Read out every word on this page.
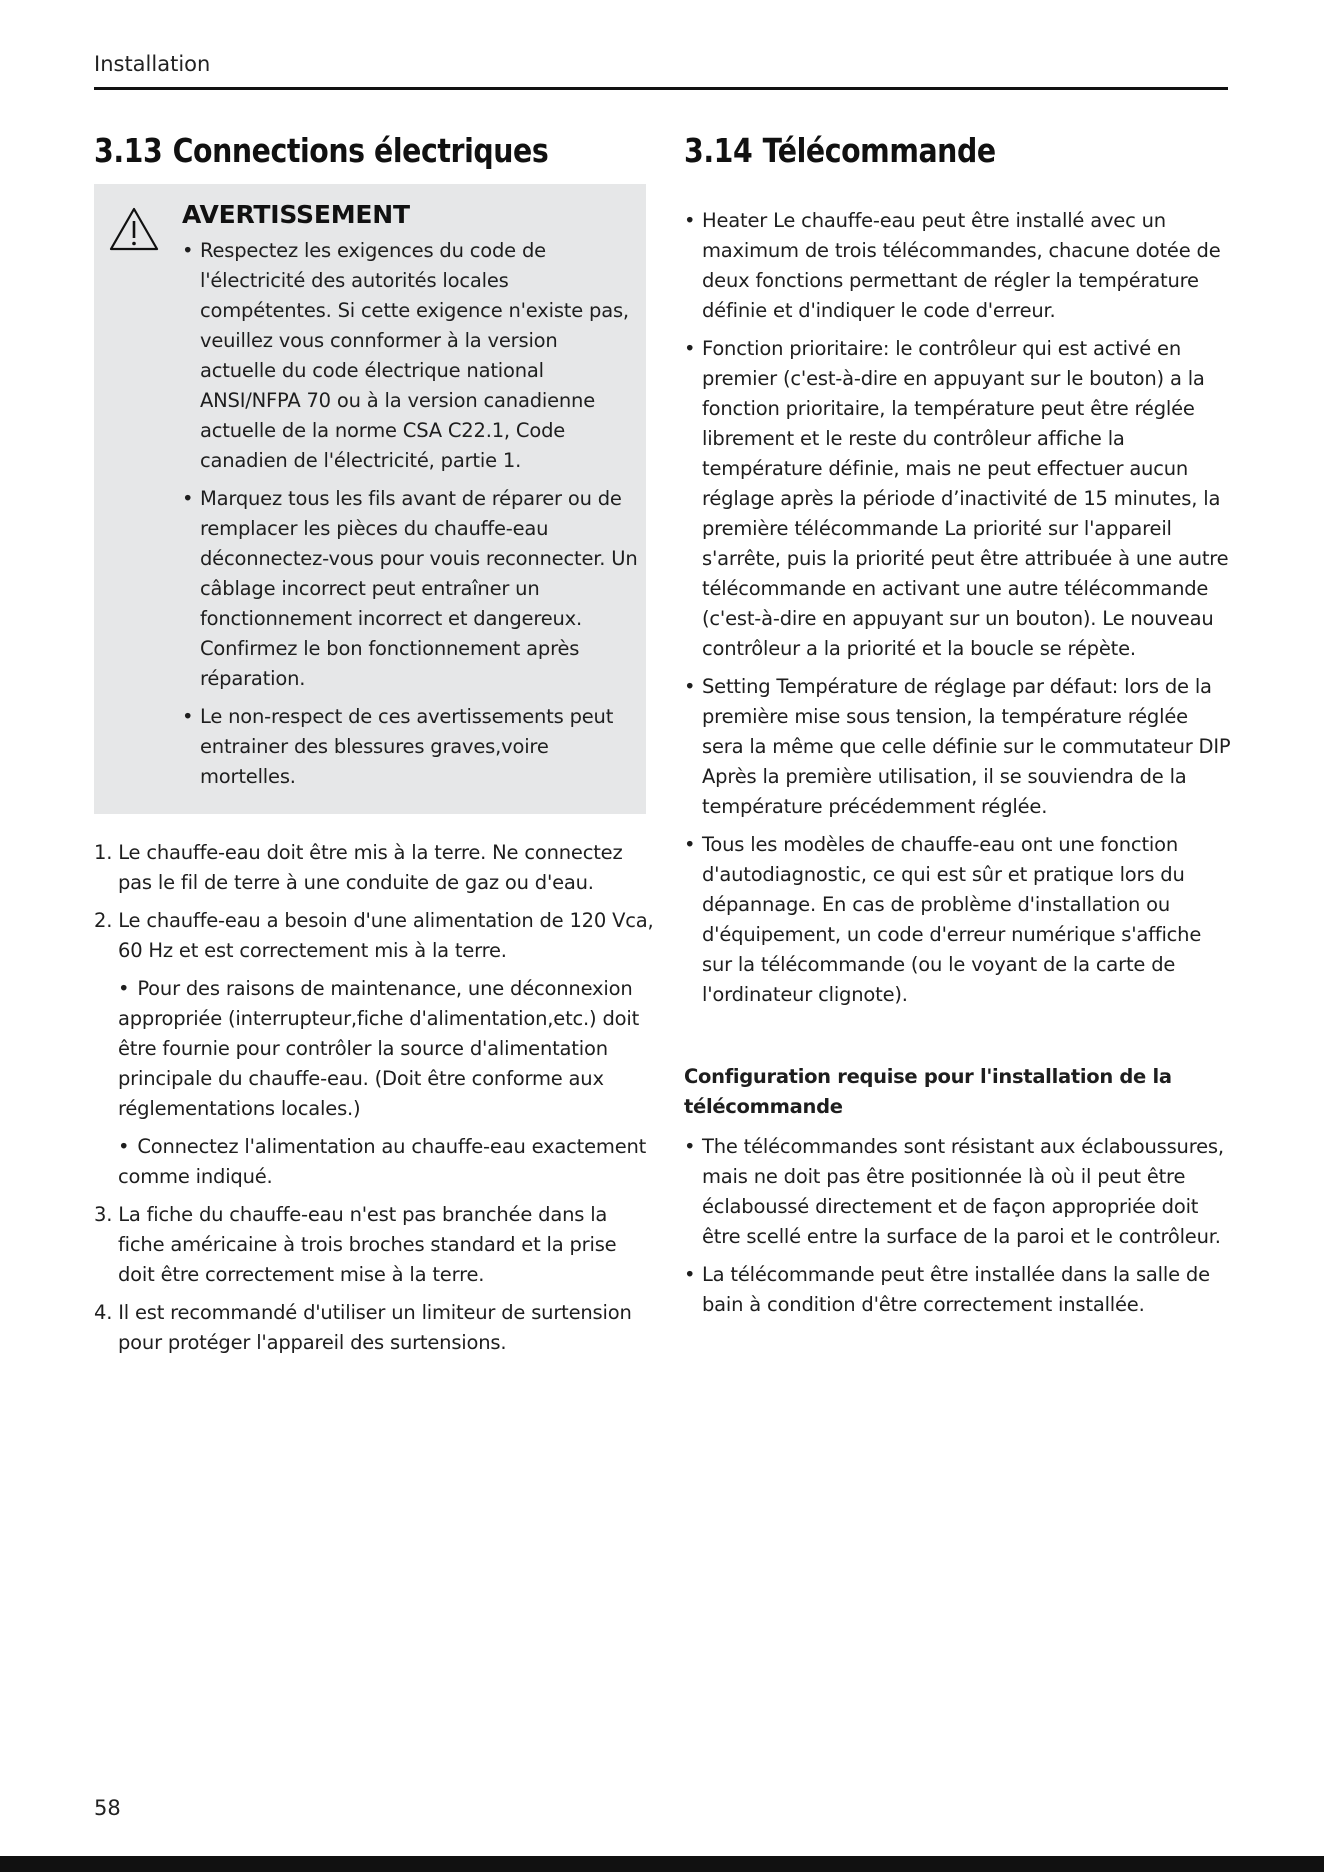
Installation
3.13 Connections électriques
AVERTISSEMENT
• Respectez les exigences du code de l'électricité des autorités locales compétentes. Si cette exigence n'existe pas, veuillez vous connformer à la version actuelle du code électrique national ANSI/NFPA 70 ou à la version canadienne actuelle de la norme CSA C22.1, Code canadien de l'électricité, partie 1.
• Marquez tous les fils avant de réparer ou de remplacer les pièces du chauffe-eau déconnectez-vous pour vouis reconnecter. Un câblage incorrect peut entraîner un fonctionnement incorrect et dangereux. Confirmez le bon fonctionnement après réparation.
• Le non-respect de ces avertissements peut entrainer des blessures graves,voire mortelles.
1. Le chauffe-eau doit être mis à la terre. Ne connectez pas le fil de terre à une conduite de gaz ou d'eau.
2. Le chauffe-eau a besoin d'une alimentation de 120 Vca, 60 Hz et est correctement mis à la terre.
• Pour des raisons de maintenance, une déconnexion appropriée (interrupteur,fiche d'alimentation,etc.) doit être fournie pour contrôler la source d'alimentation principale du chauffe-eau. (Doit être conforme aux réglementations locales.)
• Connectez l'alimentation au chauffe-eau exactement comme indiqué.
3. La fiche du chauffe-eau n'est pas branchée dans la fiche américaine à trois broches standard et la prise doit être correctement mise à la terre.
4. Il est recommandé d'utiliser un limiteur de surtension pour protéger l'appareil des surtensions.
3.14 Télécommande
• Heater Le chauffe-eau peut être installé avec un maximum de trois télécommandes, chacune dotée de deux fonctions permettant de régler la température définie et d'indiquer le code d'erreur.
• Fonction prioritaire: le contrôleur qui est activé en premier (c'est-à-dire en appuyant sur le bouton) a la fonction prioritaire, la température peut être réglée librement et le reste du contrôleur affiche la température définie, mais ne peut effectuer aucun réglage après la période d’inactivité de 15 minutes, la première télécommande La priorité sur l'appareil s'arrête, puis la priorité peut être attribuée à une autre télécommande en activant une autre télécommande (c'est-à-dire en appuyant sur un bouton). Le nouveau contrôleur a la priorité et la boucle se répète.
• Setting Température de réglage par défaut: lors de la première mise sous tension, la température réglée sera la même que celle définie sur le commutateur DIP Après la première utilisation, il se souviendra de la température précédemment réglée.
• Tous les modèles de chauffe-eau ont une fonction d'autodiagnostic, ce qui est sûr et pratique lors du dépannage. En cas de problème d'installation ou d'équipement, un code d'erreur numérique s'affiche sur la télécommande (ou le voyant de la carte de l'ordinateur clignote).
Configuration requise pour l'installation de la télécommande
• The télécommandes sont résistant aux éclaboussures, mais ne doit pas être positionnée là où il peut être éclaboussé directement et de façon appropriée doit être scellé entre la surface de la paroi et le contrôleur.
• La télécommande peut être installée dans la salle de bain à condition d'être correctement installée.
58
